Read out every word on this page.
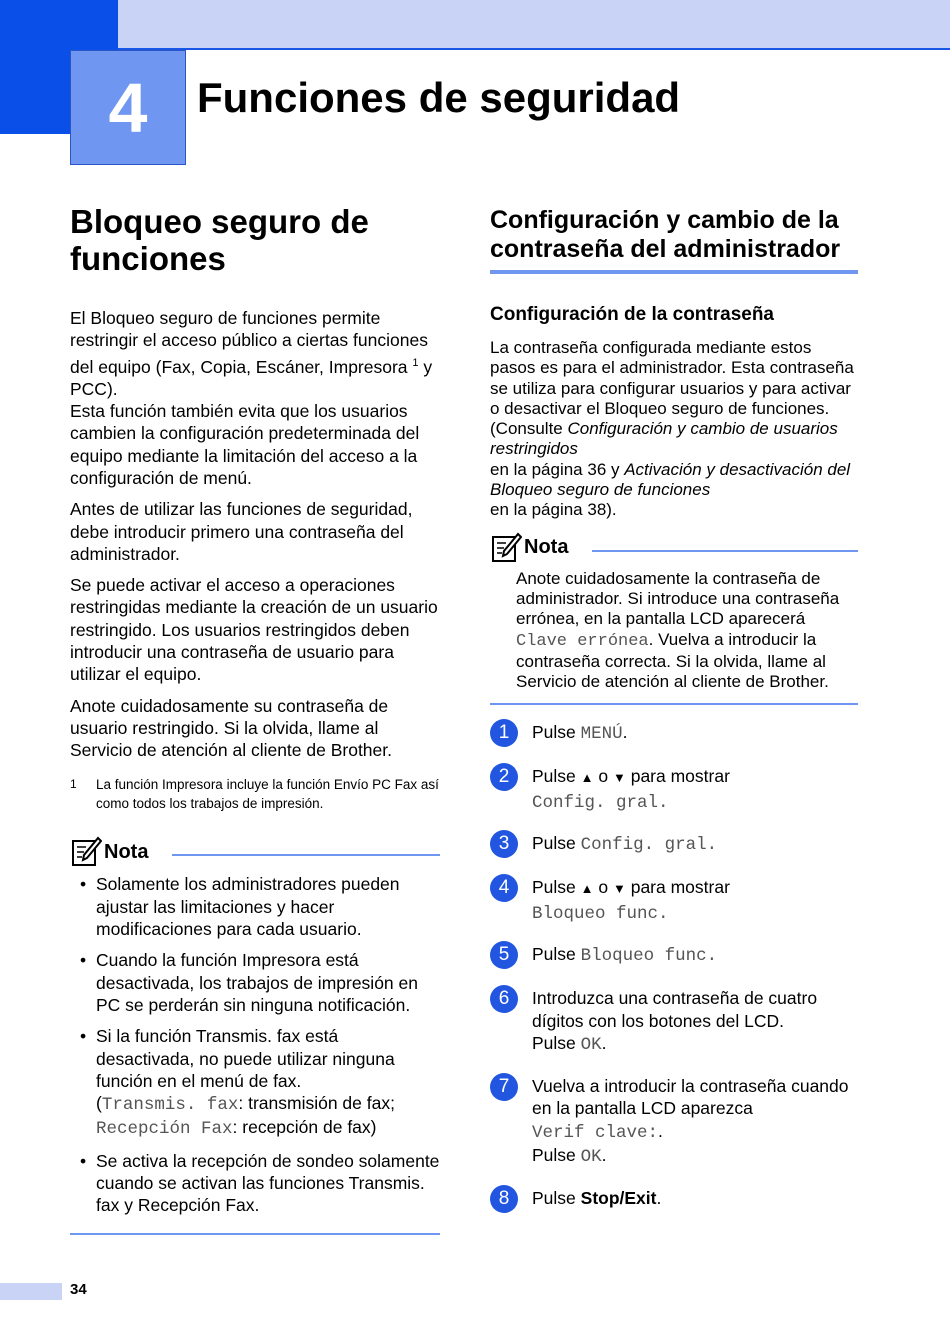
4	Funciones de seguridad
Bloqueo seguro de funciones

El Bloqueo seguro de funciones permite restringir el acceso público a ciertas funciones del equipo (Fax, Copia, Escáner, Impresora $^1$ y PCC).
Esta función también evita que los usuarios cambien la configuración predeterminada del equipo mediante la limitación del acceso a la configuración de menú.

Antes de utilizar las funciones de seguridad, debe introducir primero una contraseña del administrador.

Se puede activar el acceso a operaciones restringidas mediante la creación de un usuario restringido. Los usuarios restringidos deben introducir una contraseña de usuario para utilizar el equipo.

Anote cuidadosamente su contraseña de usuario restringido. Si la olvida, llame al Servicio de atención al cliente de Brother.

1	La función Impresora incluye la función Envío PC Fax así como todos los trabajos de impresión.
Nota
• Solamente los administradores pueden ajustar las limitaciones y hacer modificaciones para cada usuario.
• Cuando la función Impresora está desactivada, los trabajos de impresión en PC se perderán sin ninguna notificación.
• Si la función Transmis. fax está desactivada, no puede utilizar ninguna función en el menú de fax.
(Transmis. fax: transmisión de fax;
Recepción Fax: recepción de fax)
• Se activa la recepción de sondeo solamente cuando se activan las funciones Transmis. fax y Recepción Fax.
Configuración y cambio de la contraseña del administrador
Configuración de la contraseña

La contraseña configurada mediante estos pasos es para el administrador. Esta contraseña se utiliza para configurar usuarios y para activar o desactivar el Bloqueo seguro de funciones. (Consulte Configuración y cambio de usuarios restringidos
en la página 36 y Activación y desactivación del Bloqueo seguro de funciones
en la página 38).

Nota
Anote cuidadosamente la contraseña de administrador. Si introduce una contraseña errónea, en la pantalla LCD aparecerá Clave errónea. Vuelva a introducir la contraseña correcta. Si la olvida, llame al Servicio de atención al cliente de Brother.
1	Pulse MENÚ.
2	Pulse ▲ o ▼ para mostrar
Config. gral.
3	Pulse Config. gral.
4	Pulse ▲ o ▼ para mostrar
Bloqueo func.
5	Pulse Bloqueo func.
6	Introduzca una contraseña de cuatro dígitos con los botones del LCD.
Pulse OK.
7	Vuelva a introducir la contraseña cuando en la pantalla LCD aparezca
Verif clave:.
Pulse OK.
8	Pulse Stop/Exit.
34
